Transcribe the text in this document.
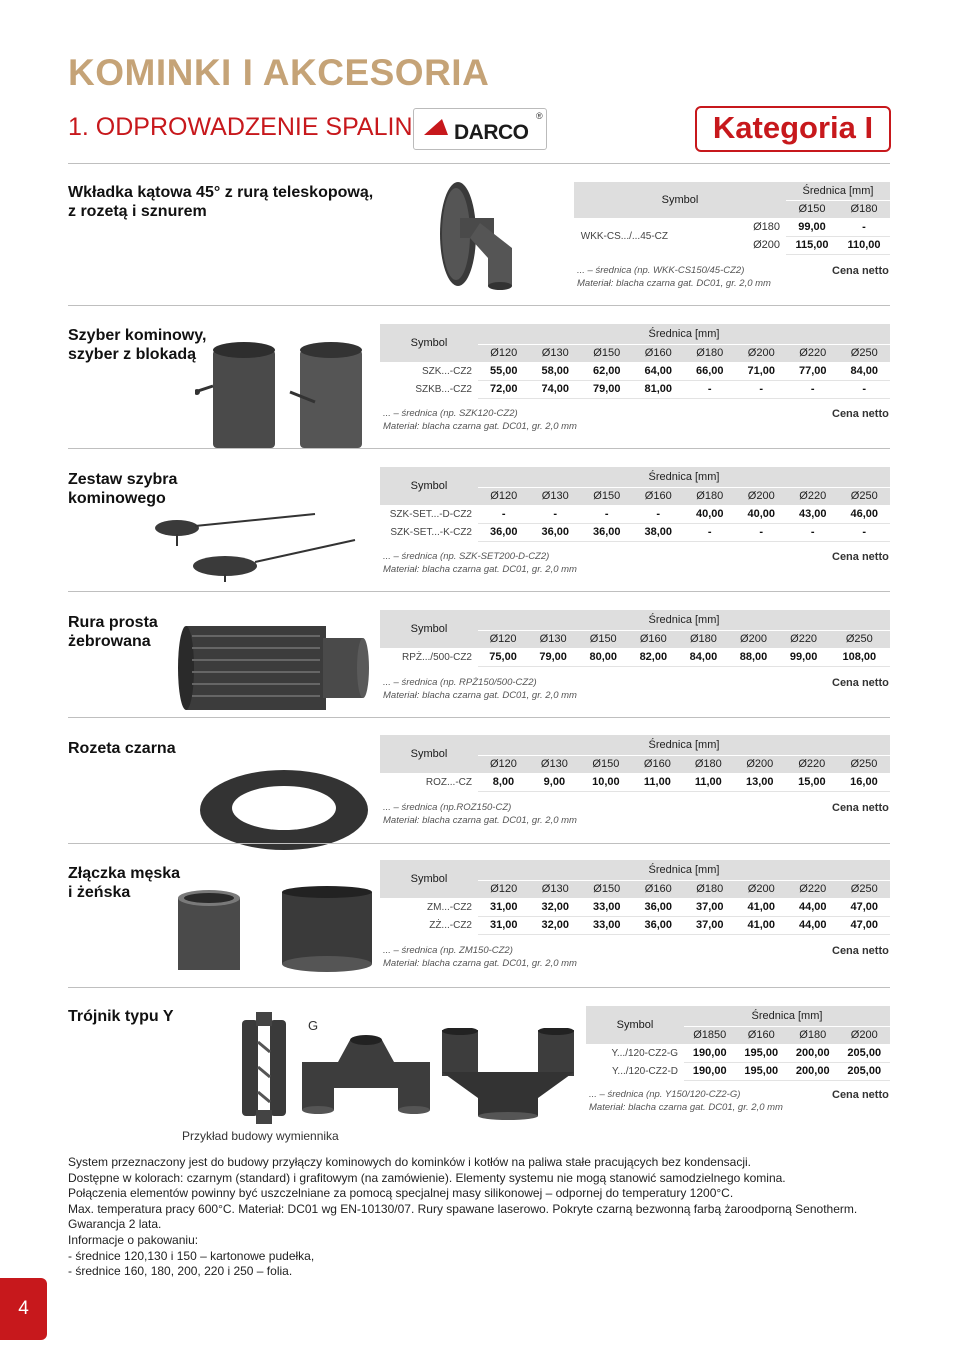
KOMINKI I AKCESORIA
1. ODPROWADZENIE SPALIN DARCO
®	Kategoria I
Wkładka kątowa 45° z rurą teleskopową,
z rozetą i sznurem
Symbol		Średnica [mm]	
		Ø150	Ø180
WKK-CS.../...45-CZ	Ø180	99,00	-
	Ø200	115,00	110,00
... – średnica (np. WKK-CS150/45-CZ2)
Materiał: blacha czarna gat. DC01, gr. 2,0 mm
Cena netto
Szyber kominowy,
szyber z blokadą
Symbol	Średnica [mm]							
	Ø120	Ø130	Ø150	Ø160	Ø180	Ø200	Ø220	Ø250
SZK...-CZ2	55,00	58,00	62,00	64,00	66,00	71,00	77,00	84,00
SZKB...-CZ2	72,00	74,00	79,00	81,00	-	-	-	-
... – średnica (np. SZK120-CZ2)
Materiał: blacha czarna gat. DC01, gr. 2,0 mm
Cena netto
Zestaw szybra
kominowego
Symbol	Średnica [mm]							
	Ø120	Ø130	Ø150	Ø160	Ø180	Ø200	Ø220	Ø250
SZK-SET...-D-CZ2	-	-	-	-	40,00	40,00	43,00	46,00
SZK-SET...-K-CZ2	36,00	36,00	36,00	38,00	-	-	-	-
... – średnica (np. SZK-SET200-D-CZ2)
Materiał: blacha czarna gat. DC01, gr. 2,0 mm
Cena netto
Rura prosta
żebrowana
Symbol	Średnica [mm]							
	Ø120	Ø130	Ø150	Ø160	Ø180	Ø200	Ø220	Ø250
RPŻ.../500-CZ2	75,00	79,00	80,00	82,00	84,00	88,00	99,00	108,00
... – średnica (np. RPŻ150/500-CZ2)
Materiał: blacha czarna gat. DC01, gr. 2,0 mm
Cena netto
Rozeta czarna	Symbol	Średnica [mm]							
	Ø120	Ø130	Ø150	Ø160	Ø180	Ø200	Ø220	Ø250
ROZ...-CZ	8,00	9,00	10,00	11,00	11,00	13,00	15,00	16,00
... – średnica (np.ROZ150-CZ)
Materiał: blacha czarna gat. DC01, gr. 2,0 mm
Cena netto
Złączka męska
i żeńska
Symbol	Średnica [mm]							
	Ø120	Ø130	Ø150	Ø160	Ø180	Ø200	Ø220	Ø250
ZM...-CZ2	31,00	32,00	33,00	36,00	37,00	41,00	44,00	47,00
ZŻ...-CZ2	31,00	32,00	33,00	36,00	37,00	41,00	44,00	47,00
... – średnica (np. ZM150-CZ2)
Materiał: blacha czarna gat. DC01, gr. 2,0 mm
Cena netto
Trójnik typu Y
G
Przykład budowy wymiennika
Symbol	Średnica [mm]			
	Ø1850	Ø160	Ø180	Ø200
Y.../120-CZ2-G	190,00	195,00	200,00	205,00
Y.../120-CZ2-D	190,00	195,00	200,00	205,00
... – średnica (np. Y150/120-CZ2-G)
Materiał: blacha czarna gat. DC01, gr. 2,0 mm
Cena netto
System przeznaczony jest do budowy przyłączy kominowych do kominków i kotłów na paliwa stałe pracujących bez kondensacji.
Dostępne w kolorach: czarnym (standard) i grafitowym (na zamówienie). Elementy systemu nie mogą stanowić samodzielnego komina.
Połączenia elementów powinny być uszczelniane za pomocą specjalnej masy silikonowej – odpornej do temperatury 1200°C.
Max. temperatura pracy 600°C. Materiał: DC01 wg EN-10130/07. Rury spawane laserowo. Pokryte czarną bezwonną farbą żaroodporną Senotherm.
Gwarancja 2 lata.
Informacje o pakowaniu:
- średnice 120,130 i 150 – kartonowe pudełka,
- średnice 160, 180, 200, 220 i 250 – folia.
4
